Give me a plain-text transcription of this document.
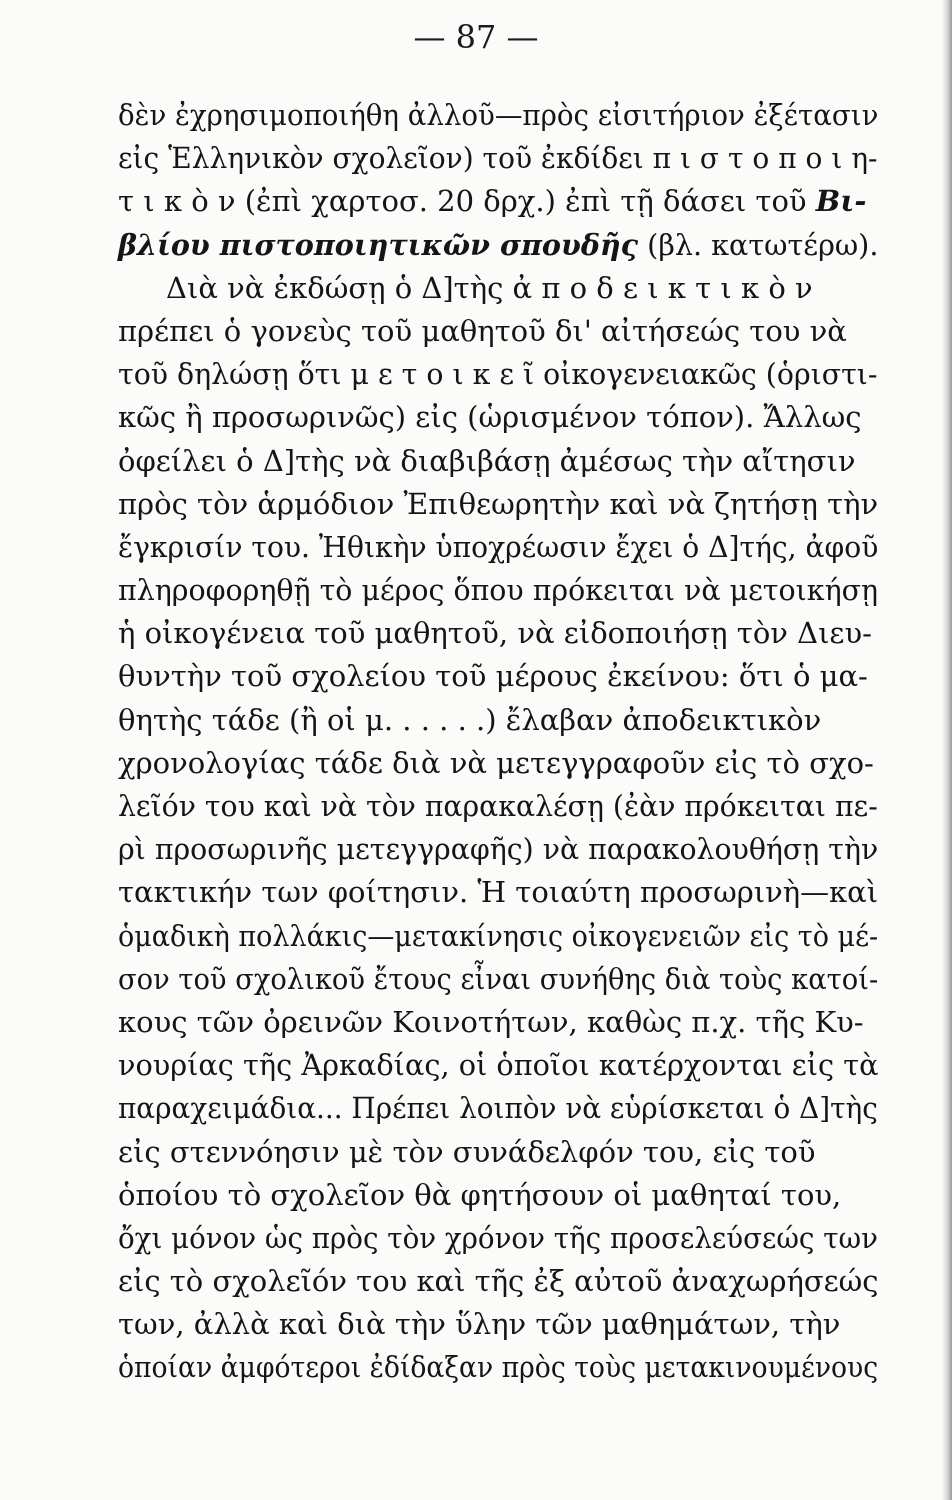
— 87 —
δὲν ἐχρησιμοποιήθη ἀλλοῦ—πρὸς εἰσιτήριον ἐξέτασιν
εἰς Ἑλληνικὸν σχολεῖον) τοῦ ἐκδίδει π ι σ τ ο π ο ι η-
τ ι κ ὸ ν (ἐπὶ χαρτοσ. 20 δρχ.) ἐπὶ τῇ δάσει τοῦ Βι-
βλίου πιστοποιητικῶν σπουδῆς (βλ. κατωτέρω).
Διὰ νὰ ἐκδώσῃ ὁ Δ]τὴς ἀ π ο δ ε ι κ τ ι κ ὸ ν
πρέπει ὁ γονεὺς τοῦ μαθητοῦ δι' αἰτήσεώς του νὰ
τοῦ δηλώσῃ ὅτι μ ε τ ο ι κ ε ῖ οἰκογενειακῶς (ὁριστι-
κῶς ἢ προσωρινῶς) εἰς (ὡρισμένον τόπον). Ἄλλως
ὀφείλει ὁ Δ]τὴς νὰ διαβιβάσῃ ἀμέσως τὴν αἴτησιν
πρὸς τὸν ἁρμόδιον Ἐπιθεωρητὴν καὶ νὰ ζητήσῃ τὴν
ἔγκρισίν του. Ἠθικὴν ὑποχρέωσιν ἔχει ὁ Δ]τής, ἀφοῦ
πληροφορηθῇ τὸ μέρος ὅπου πρόκειται νὰ μετοικήσῃ
ἡ οἰκογένεια τοῦ μαθητοῦ, νὰ εἰδοποιήσῃ τὸν Διευ-
θυντὴν τοῦ σχολείου τοῦ μέρους ἐκείνου: ὅτι ὁ μα-
θητὴς τάδε (ἢ οἱ μ. . . . . .) ἔλαβαν ἀποδεικτικὸν
χρονολογίας τάδε διὰ νὰ μετεγγραφοῦν εἰς τὸ σχο-
λεῖόν του καὶ νὰ τὸν παρακαλέσῃ (ἐὰν πρόκειται πε-
ρὶ προσωρινῆς μετεγγραφῆς) νὰ παρακολουθήσῃ τὴν
τακτικήν των φοίτησιν. Ἡ τοιαύτη προσωρινὴ—καὶ
ὁμαδικὴ πολλάκις—μετακίνησις οἰκογενειῶν εἰς τὸ μέ-
σον τοῦ σχολικοῦ ἔτους εἶναι συνήθης διὰ τοὺς κατοί-
κους τῶν ὀρεινῶν Κοινοτήτων, καθὼς π.χ. τῆς Κυ-
νουρίας τῆς Ἀρκαδίας, οἱ ὁποῖοι κατέρχονται εἰς τὰ
παραχειμάδια... Πρέπει λοιπὸν νὰ εὑρίσκεται ὁ Δ]τὴς
εἰς στεννόησιν μὲ τὸν συνάδελφόν του, εἰς τοῦ
ὁποίου τὸ σχολεῖον θὰ φητήσουν οἱ μαθηταί του,
ὄχι μόνον ὡς πρὸς τὸν χρόνον τῆς προσελεύσεώς των
εἰς τὸ σχολεῖόν του καὶ τῆς ἐξ αὐτοῦ ἀναχωρήσεώς
των, ἀλλὰ καὶ διὰ τὴν ὕλην τῶν μαθημάτων, τὴν
ὁποίαν ἀμφότεροι ἐδίδαξαν πρὸς τοὺς μετακινουμένους
